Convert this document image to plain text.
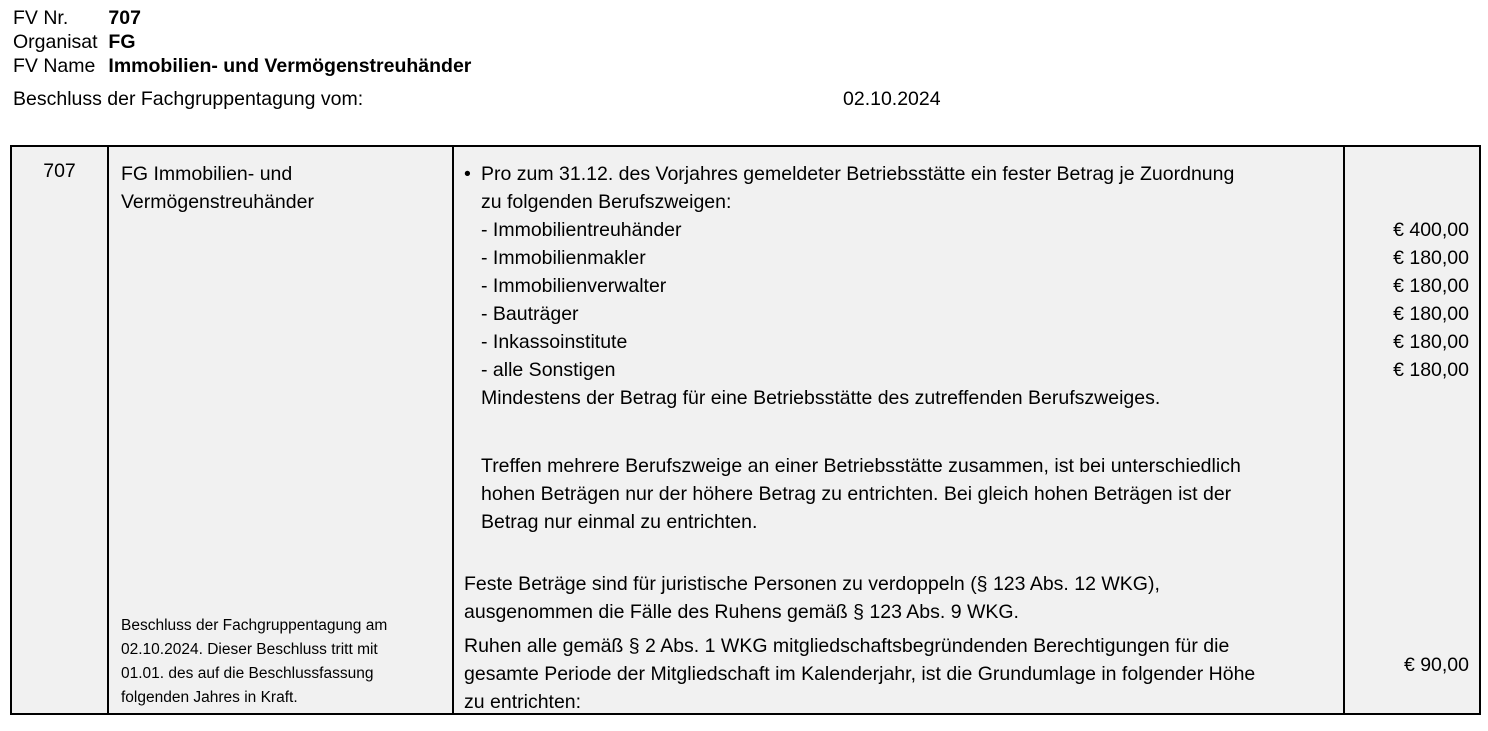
FV Nr. 707
Organisat FG
FV Name Immobilien- und Vermögenstreuhänder
Beschluss der Fachgruppentagung vom:	02.10.2024
707	FG Immobilien- und Vermögenstreuhänder
Beschluss der Fachgruppentagung am
02.10.2024. Dieser Beschluss tritt mit
01.01. des auf die Beschlussfassung
folgenden Jahres in Kraft.
• Pro zum 31.12. des Vorjahres gemeldeter Betriebsstätte ein fester Betrag je Zuordnung
zu folgenden Berufszweigen:
- Immobilientreuhänder
- Immobilienmakler
- Immobilienverwalter
- Bauträger
- Inkassoinstitute
- alle Sonstigen
Mindestens der Betrag für eine Betriebsstätte des zutreffenden Berufszweiges.
Treffen mehrere Berufszweige an einer Betriebsstätte zusammen, ist bei unterschiedlich
hohen Beträgen nur der höhere Betrag zu entrichten. Bei gleich hohen Beträgen ist der
Betrag nur einmal zu entrichten.
Feste Beträge sind für juristische Personen zu verdoppeln (§ 123 Abs. 12 WKG),
ausgenommen die Fälle des Ruhens gemäß § 123 Abs. 9 WKG.
Ruhen alle gemäß § 2 Abs. 1 WKG mitgliedschaftsbegründenden Berechtigungen für die
gesamte Periode der Mitgliedschaft im Kalenderjahr, ist die Grundumlage in folgender Höhe
zu entrichten:
€ 400,00
€ 180,00
€ 180,00
€ 180,00
€ 180,00
€ 180,00
€ 90,00
